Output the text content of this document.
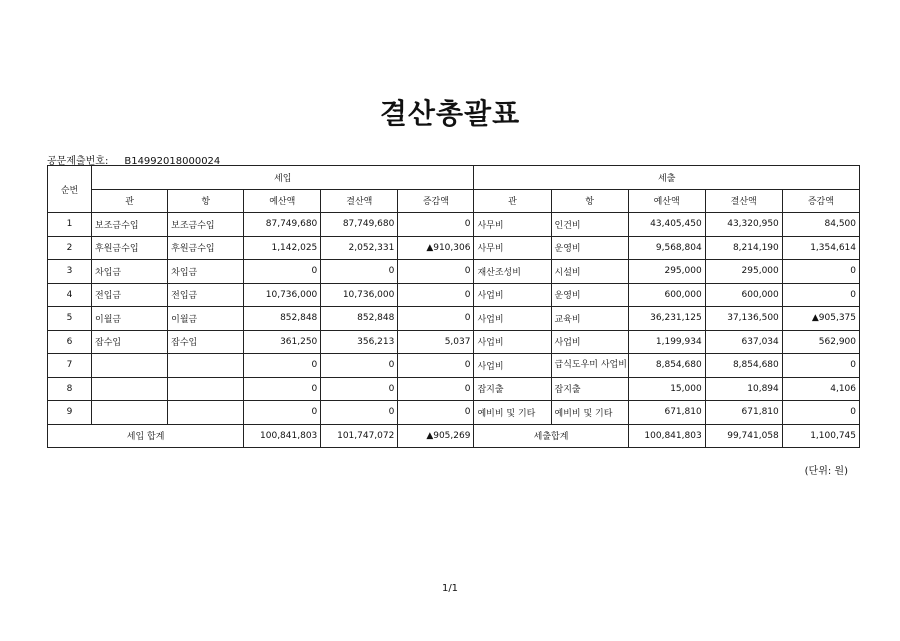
결산총괄표
공문제출번호: B14992018000024
순번	세입					세출				
	관	항	예산액	결산액	증감액	관	항	예산액	결산액	증감액
1	보조금수입	보조금수입	87,749,680	87,749,680	0	사무비	인건비	43,405,450	43,320,950	84,500
2	후원금수입	후원금수입	1,142,025	2,052,331	▲910,306	사무비	운영비	9,568,804	8,214,190	1,354,614
3	차입금	차입금	0	0	0	재산조성비	시설비	295,000	295,000	0
4	전입금	전입금	10,736,000	10,736,000	0	사업비	운영비	600,000	600,000	0
5	이월금	이월금	852,848	852,848	0	사업비	교육비	36,231,125	37,136,500	▲905,375
6	잡수입	잡수입	361,250	356,213	5,037	사업비	사업비	1,199,934	637,034	562,900
7			0	0	0	사업비	급식도우미 사업비	8,854,680	8,854,680	0
8			0	0	0	잡지출	잡지출	15,000	10,894	4,106
9			0	0	0	예비비 및 기타	예비비 및 기타	671,810	671,810	0
세입 합계			100,841,803	101,747,072	▲905,269	세출합계		100,841,803	99,741,058	1,100,745
(단위: 원)
1/1
